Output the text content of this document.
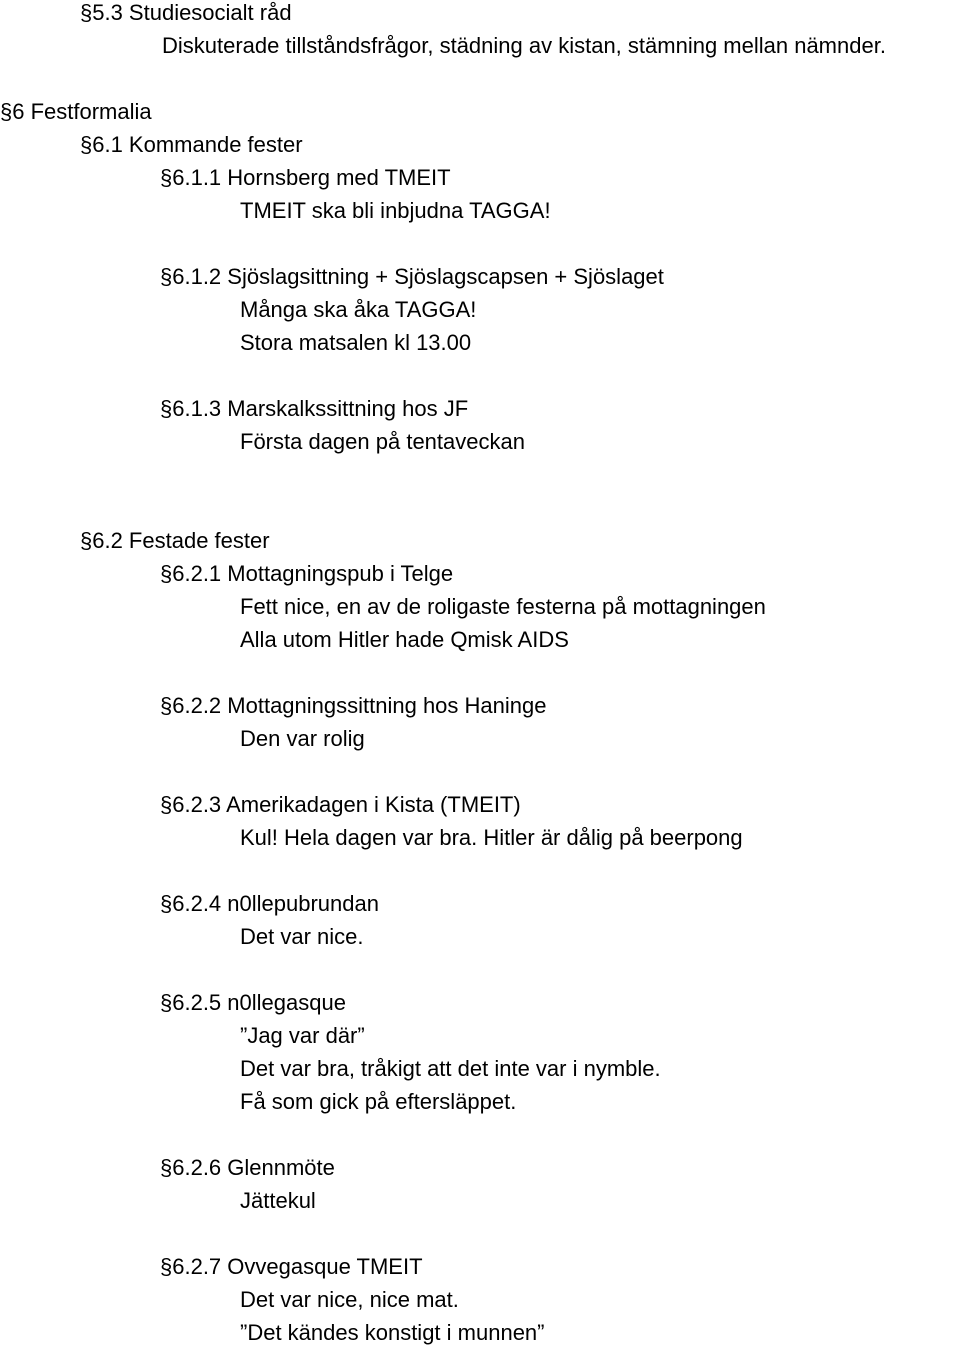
§5.3 Studiesocialt råd

Diskuterade tillståndsfrågor, städning av kistan, stämning mellan nämnder.

§6 Festformalia

§6.1 Kommande fester

§6.1.1 Hornsberg med TMEIT

TMEIT ska bli inbjudna TAGGA!

§6.1.2 Sjöslagsittning + Sjöslagscapsen + Sjöslaget

Många ska åka TAGGA!

Stora matsalen kl 13.00

§6.1.3 Marskalkssittning hos JF

Första dagen på tentaveckan

§6.2 Festade fester

§6.2.1 Mottagningspub i Telge

Fett nice, en av de roligaste festerna på mottagningen

Alla utom Hitler hade Qmisk AIDS

§6.2.2 Mottagningssittning hos Haninge

Den var rolig

§6.2.3 Amerikadagen i Kista (TMEIT)

Kul! Hela dagen var bra. Hitler är dålig på beerpong

§6.2.4 n0llepubrundan

Det var nice.

§6.2.5 n0llegasque

”Jag var där”

Det var bra, tråkigt att det inte var i nymble.

Få som gick på eftersläppet.

§6.2.6 Glennmöte

Jättekul

§6.2.7 Ovvegasque TMEIT

Det var nice, nice mat.

”Det kändes konstigt i munnen”
